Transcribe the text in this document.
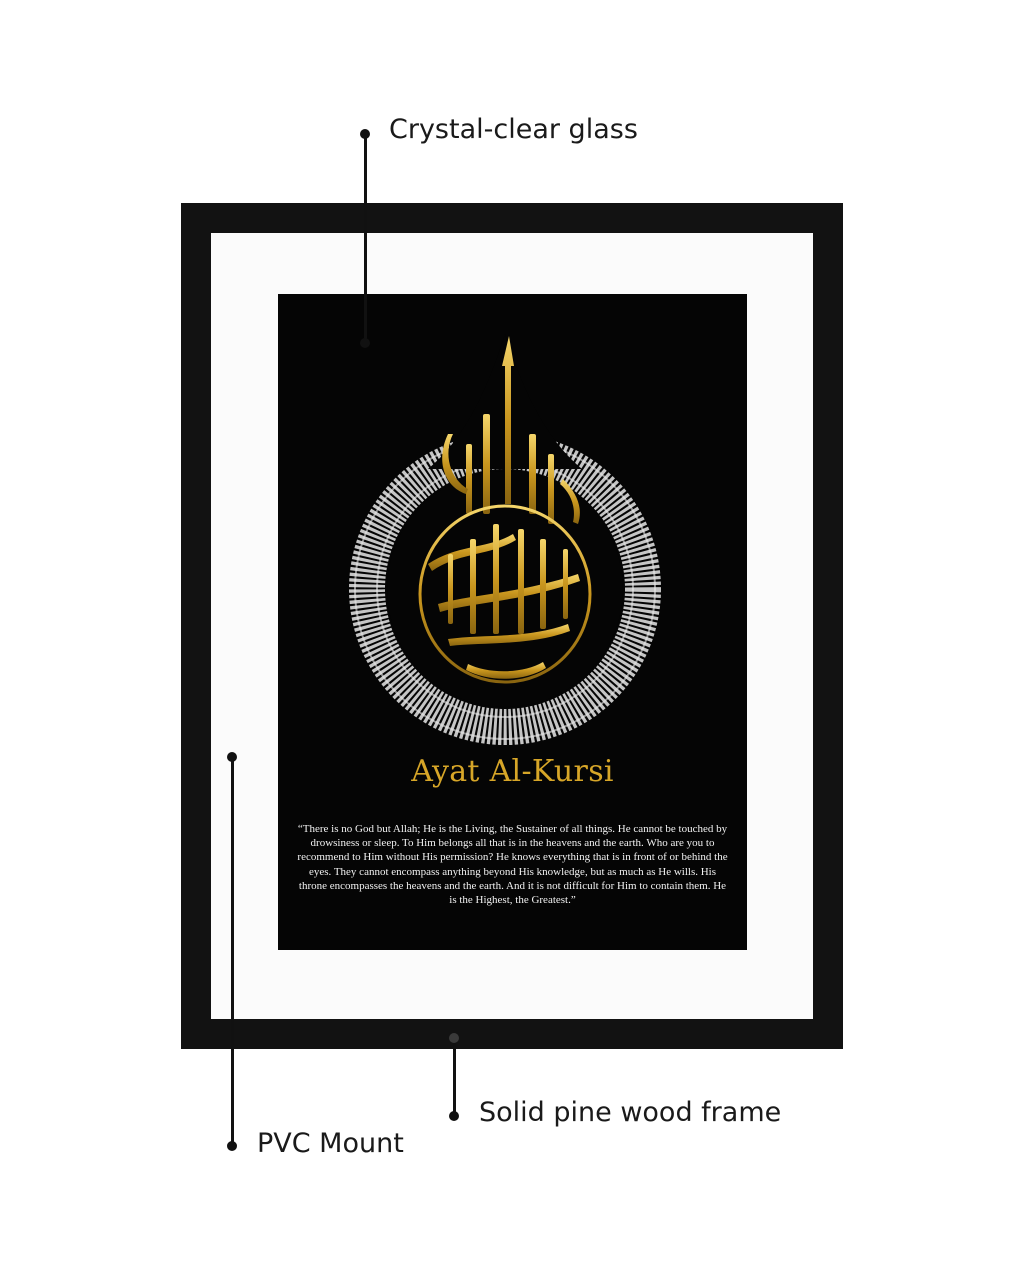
Ayat Al-Kursi
“There is no God but Allah; He is the Living, the Sustainer of all things. He cannot be touched by drowsiness or sleep. To Him belongs all that is in the heavens and the earth. Who are you to recommend to Him without His permission? He knows everything that is in front of or behind the eyes. They cannot encompass anything beyond His knowledge, but as much as He wills. His throne encompasses the heavens and the earth. And it is not difficult for Him to contain them. He is the Highest, the Greatest.”
Crystal-clear glass
PVC Mount
Solid pine wood frame
